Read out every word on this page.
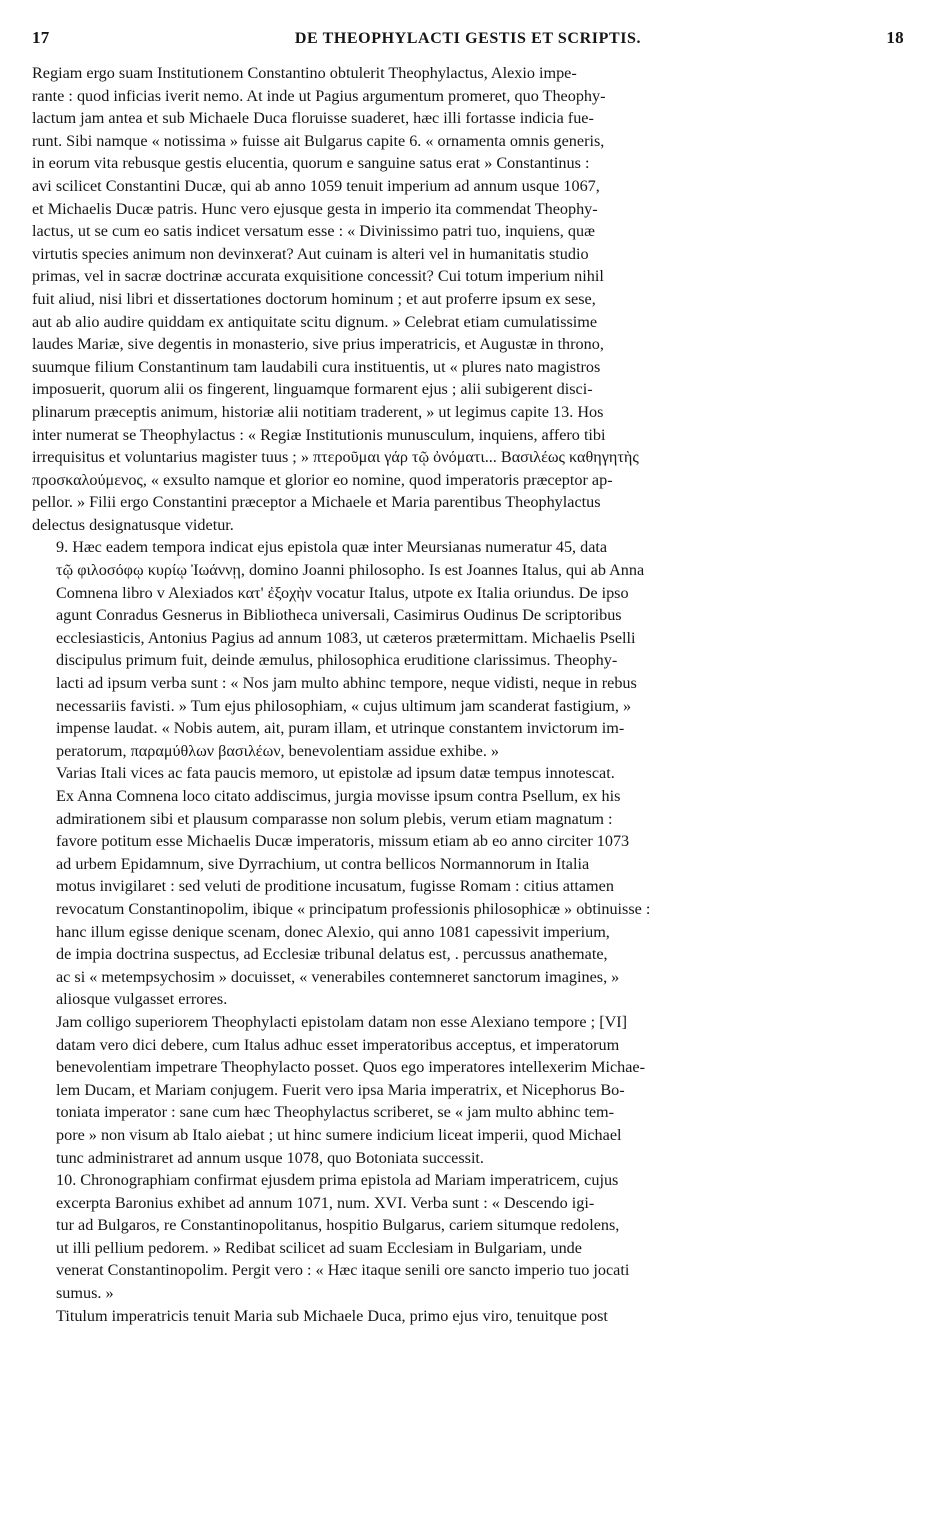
17	DE THEOPHYLACTI GESTIS ET SCRIPTIS.	18
Regiam ergo suam Institutionem Constantino obtulerit Theophylactus, Alexio impe-
rante : quod inficias iverit nemo. At inde ut Pagius argumentum promeret, quo Theophy-
lactum jam antea et sub Michaele Duca floruisse suaderet, hæc illi fortasse indicia fue-
runt. Sibi namque « notissima » fuisse ait Bulgarus capite 6. « ornamenta omnis generis,
in eorum vita rebusque gestis elucentia, quorum e sanguine satus erat » Constantinus :
avi scilicet Constantini Ducæ, qui ab anno 1059 tenuit imperium ad annum usque 1067,
et Michaelis Ducæ patris. Hunc vero ejusque gesta in imperio ita commendat Theophy-
lactus, ut se cum eo satis indicet versatum esse : « Divinissimo patri tuo, inquiens, quæ
virtutis species animum non devinxerat? Aut cuinam is alteri vel in humanitatis studio
primas, vel in sacræ doctrinæ accurata exquisitione concessit? Cui totum imperium nihil
fuit aliud, nisi libri et dissertationes doctorum hominum ; et aut proferre ipsum ex sese,
aut ab alio audire quiddam ex antiquitate scitu dignum. » Celebrat etiam cumulatissime
laudes Mariæ, sive degentis in monasterio, sive prius imperatricis, et Augustæ in throno,
suumque filium Constantinum tam laudabili cura instituentis, ut « plures nato magistros
imposuerit, quorum alii os fingerent, linguamque formarent ejus ; alii subigerent disci-
plinarum præceptis animum, historiæ alii notitiam traderent, » ut legimus capite 13. Hos
inter numerat se Theophylactus : « Regiæ Institutionis munusculum, inquiens, affero tibi
irrequisitus et voluntarius magister tuus ; » πτεροῦμαι γάρ τῷ ὀνόματι... Βασιλέως καθηγητὴς
προσκαλούμενος, « exsulto namque et glorior eo nomine, quod imperatoris præceptor ap-
pellor. » Filii ergo Constantini præceptor a Michaele et Maria parentibus Theophylactus
delectus designatusque videtur.
9. Hæc eadem tempora indicat ejus epistola quæ inter Meursianas numeratur 45, data
τῷ φιλοσόφῳ κυρίῳ Ἰωάννῃ, domino Joanni philosopho. Is est Joannes Italus, qui ab Anna
Comnena libro v Alexiados κατ' ἐξοχὴν vocatur Italus, utpote ex Italia oriundus. De ipso
agunt Conradus Gesnerus in Bibliotheca universali, Casimirus Oudinus De scriptoribus
ecclesiasticis, Antonius Pagius ad annum 1083, ut cæteros prætermittam. Michaelis Pselli
discipulus primum fuit, deinde æmulus, philosophica eruditione clarissimus. Theophy-
lacti ad ipsum verba sunt : « Nos jam multo abhinc tempore, neque vidisti, neque in rebus
necessariis favisti. » Tum ejus philosophiam, « cujus ultimum jam scanderat fastigium, »
impense laudat. « Nobis autem, ait, puram illam, et utrinque constantem invictorum im-
peratorum, παραμύθλων βασιλέων, benevolentiam assidue exhibe. »
Varias Itali vices ac fata paucis memoro, ut epistolæ ad ipsum datæ tempus innotescat.
Ex Anna Comnena loco citato addiscimus, jurgia movisse ipsum contra Psellum, ex his
admirationem sibi et plausum comparasse non solum plebis, verum etiam magnatum :
favore potitum esse Michaelis Ducæ imperatoris, missum etiam ab eo anno circiter 1073
ad urbem Epidamnum, sive Dyrrachium, ut contra bellicos Normannorum in Italia
motus invigilaret : sed veluti de proditione incusatum, fugisse Romam : citius attamen
revocatum Constantinopolim, ibique « principatum professionis philosophicæ » obtinuisse :
hanc illum egisse denique scenam, donec Alexio, qui anno 1081 capessivit imperium,
de impia doctrina suspectus, ad Ecclesiæ tribunal delatus est, . percussus anathemate,
ac si « metempsychosim » docuisset, « venerabiles contemneret sanctorum imagines, »
aliosque vulgasset errores.
Jam colligo superiorem Theophylacti epistolam datam non esse Alexiano tempore ; [VI]
datam vero dici debere, cum Italus adhuc esset imperatoribus acceptus, et imperatorum
benevolentiam impetrare Theophylacto posset. Quos ego imperatores intellexerim Michae-
lem Ducam, et Mariam conjugem. Fuerit vero ipsa Maria imperatrix, et Nicephorus Bo-
toniata imperator : sane cum hæc Theophylactus scriberet, se « jam multo abhinc tem-
pore » non visum ab Italo aiebat ; ut hinc sumere indicium liceat imperii, quod Michael
tunc administraret ad annum usque 1078, quo Botoniata successit.
10. Chronographiam confirmat ejusdem prima epistola ad Mariam imperatricem, cujus
excerpta Baronius exhibet ad annum 1071, num. XVI. Verba sunt : « Descendo igi-
tur ad Bulgaros, re Constantinopolitanus, hospitio Bulgarus, cariem situmque redolens,
ut illi pellium pedorem. » Redibat scilicet ad suam Ecclesiam in Bulgariam, unde
venerat Constantinopolim. Pergit vero : « Hæc itaque senili ore sancto imperio tuo jocati
sumus. »
Titulum imperatricis tenuit Maria sub Michaele Duca, primo ejus viro, tenuitque post
